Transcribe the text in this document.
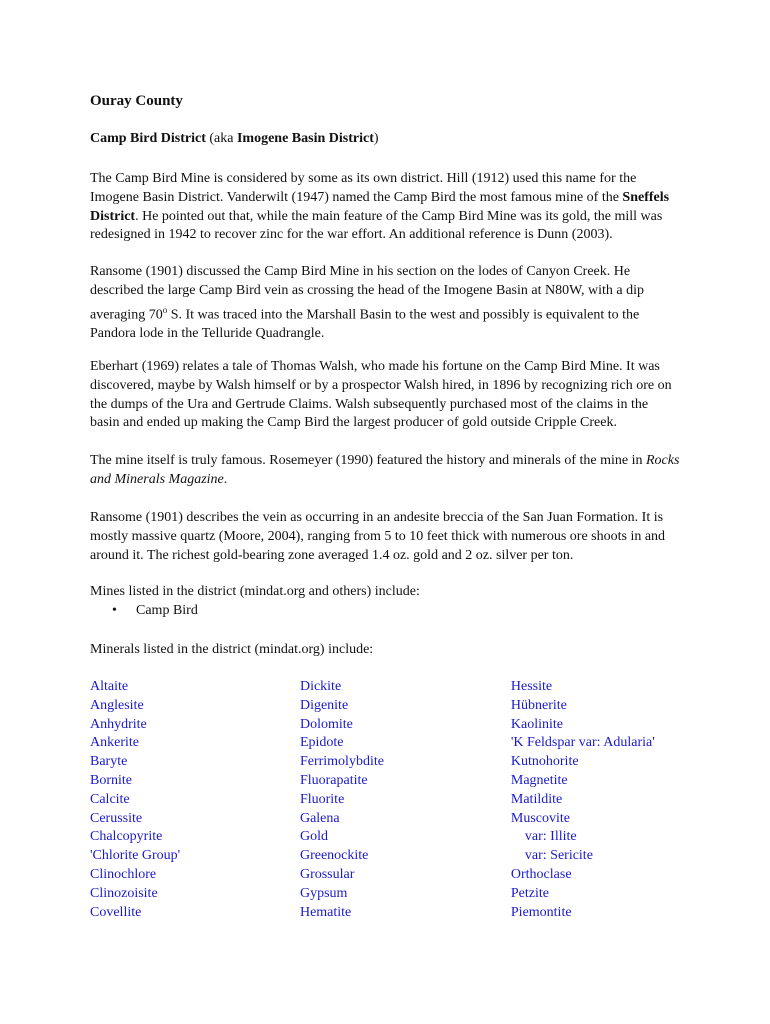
Ouray County
Camp Bird District (aka Imogene Basin District)

The Camp Bird Mine is considered by some as its own district. Hill (1912) used this name for the Imogene Basin District. Vanderwilt (1947) named the Camp Bird the most famous mine of the Sneffels District. He pointed out that, while the main feature of the Camp Bird Mine was its gold, the mill was redesigned in 1942 to recover zinc for the war effort. An additional reference is Dunn (2003).

Ransome (1901) discussed the Camp Bird Mine in his section on the lodes of Canyon Creek. He described the large Camp Bird vein as crossing the head of the Imogene Basin at N80W, with a dip averaging 70$^o$ S. It was traced into the Marshall Basin to the west and possibly is equivalent to the Pandora lode in the Telluride Quadrangle.

Eberhart (1969) relates a tale of Thomas Walsh, who made his fortune on the Camp Bird Mine. It was discovered, maybe by Walsh himself or by a prospector Walsh hired, in 1896 by recognizing rich ore on the dumps of the Ura and Gertrude Claims. Walsh subsequently purchased most of the claims in the basin and ended up making the Camp Bird the largest producer of gold outside Cripple Creek.

The mine itself is truly famous. Rosemeyer (1990) featured the history and minerals of the mine in Rocks and Minerals Magazine.

Ransome (1901) describes the vein as occurring in an andesite breccia of the San Juan Formation. It is mostly massive quartz (Moore, 2004), ranging from 5 to 10 feet thick with numerous ore shoots in and around it. The richest gold-bearing zone averaged 1.4 oz. gold and 2 oz. silver per ton.

Mines listed in the district (mindat.org and others) include:

• Camp Bird

Minerals listed in the district (mindat.org) include:

Altaite
Anglesite
Anhydrite
Ankerite
Baryte
Bornite
Calcite
Cerussite
Chalcopyrite
'Chlorite Group'
Clinochlore
Clinozoisite
Covellite
Dickite
Digenite
Dolomite
Epidote
Ferrimolybdite
Fluorapatite
Fluorite
Galena
Gold
Greenockite
Grossular
Gypsum
Hematite
Hessite
Hübnerite
Kaolinite
'K Feldspar var: Adularia'
Kutnohorite
Magnetite
Matildite
Muscovite
var: Illite
var: Sericite
Orthoclase
Petzite
Piemontite
